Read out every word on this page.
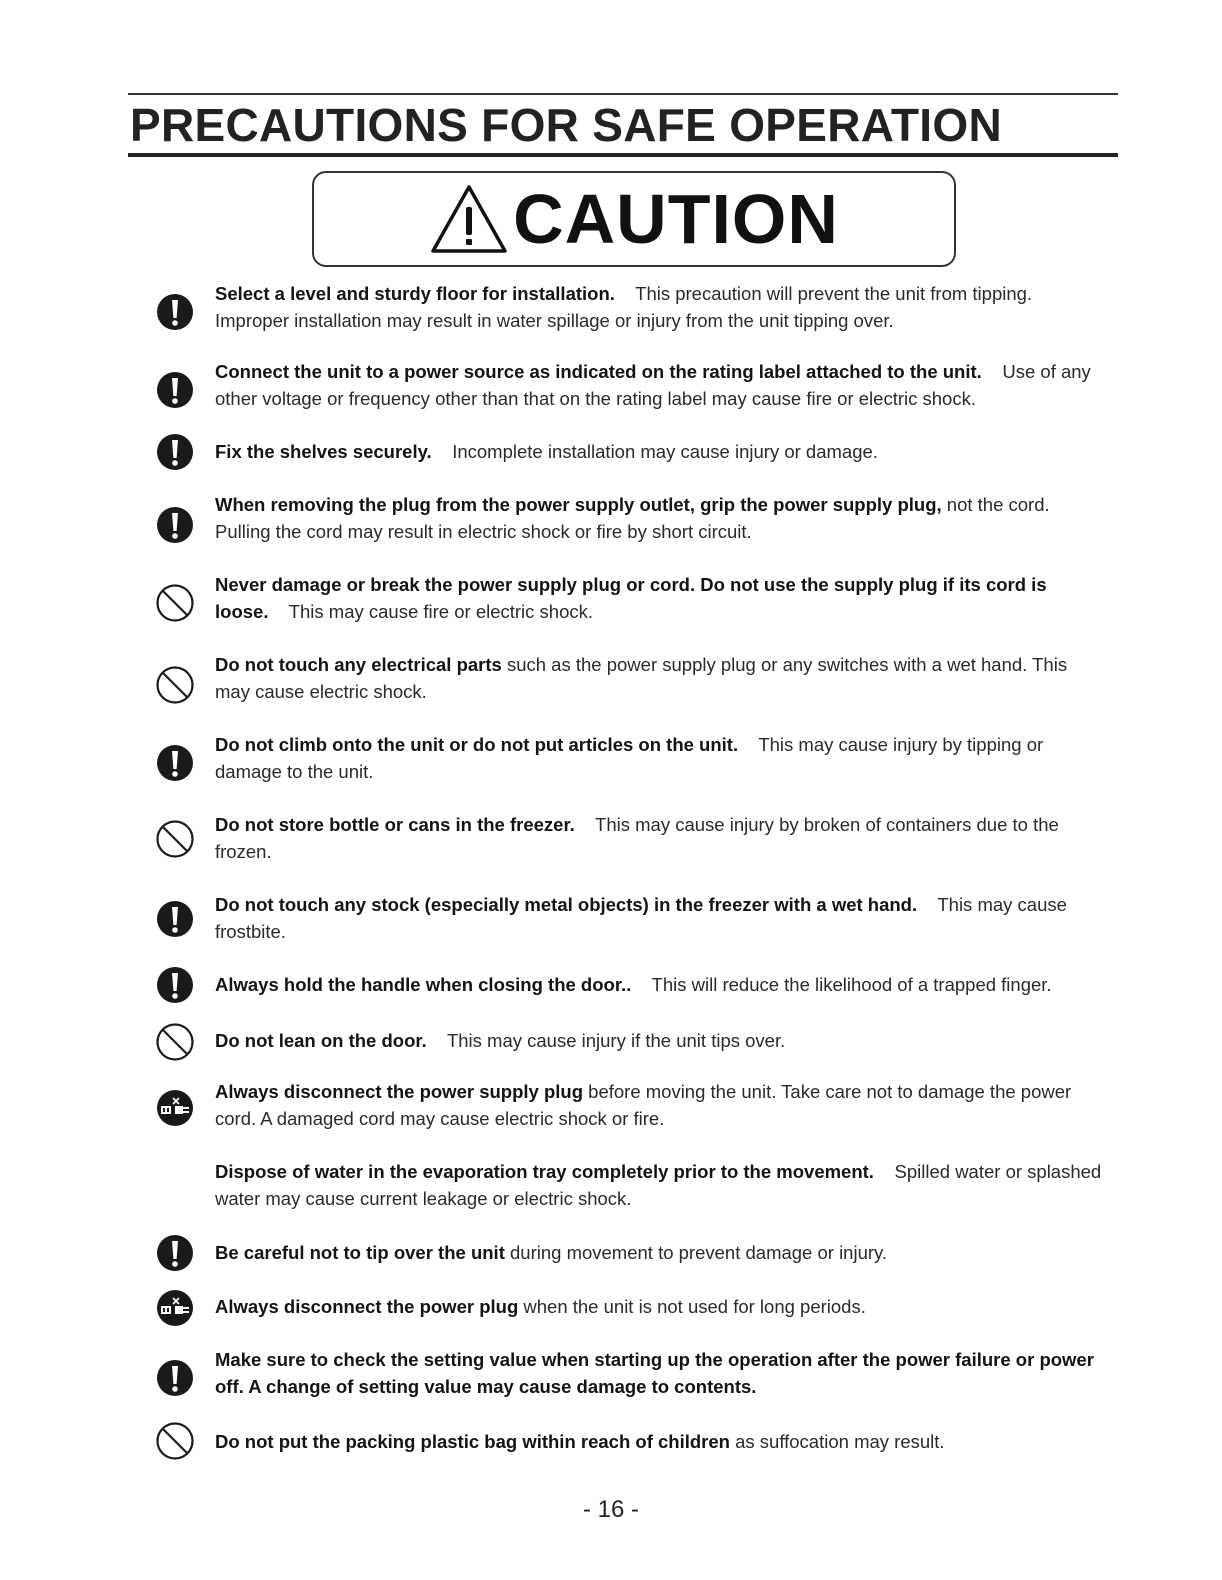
PRECAUTIONS FOR SAFE OPERATION
CAUTION
Select a level and sturdy floor for installation. This precaution will prevent the unit from tipping. Improper installation may result in water spillage or injury from the unit tipping over.
Connect the unit to a power source as indicated on the rating label attached to the unit. Use of any other voltage or frequency other than that on the rating label may cause fire or electric shock.
Fix the shelves securely. Incomplete installation may cause injury or damage.
When removing the plug from the power supply outlet, grip the power supply plug, not the cord. Pulling the cord may result in electric shock or fire by short circuit.
Never damage or break the power supply plug or cord. Do not use the supply plug if its cord is loose. This may cause fire or electric shock.
Do not touch any electrical parts such as the power supply plug or any switches with a wet hand. This may cause electric shock.
Do not climb onto the unit or do not put articles on the unit. This may cause injury by tipping or damage to the unit.
Do not store bottle or cans in the freezer. This may cause injury by broken of containers due to the frozen.
Do not touch any stock (especially metal objects) in the freezer with a wet hand. This may cause frostbite.
Always hold the handle when closing the door.. This will reduce the likelihood of a trapped finger.
Do not lean on the door. This may cause injury if the unit tips over.
Always disconnect the power supply plug before moving the unit. Take care not to damage the power cord. A damaged cord may cause electric shock or fire.
Dispose of water in the evaporation tray completely prior to the movement. Spilled water or splashed water may cause current leakage or electric shock.
Be careful not to tip over the unit during movement to prevent damage or injury.
Always disconnect the power plug when the unit is not used for long periods.
Make sure to check the setting value when starting up the operation after the power failure or power off. A change of setting value may cause damage to contents.
Do not put the packing plastic bag within reach of children as suffocation may result.
- 16 -
